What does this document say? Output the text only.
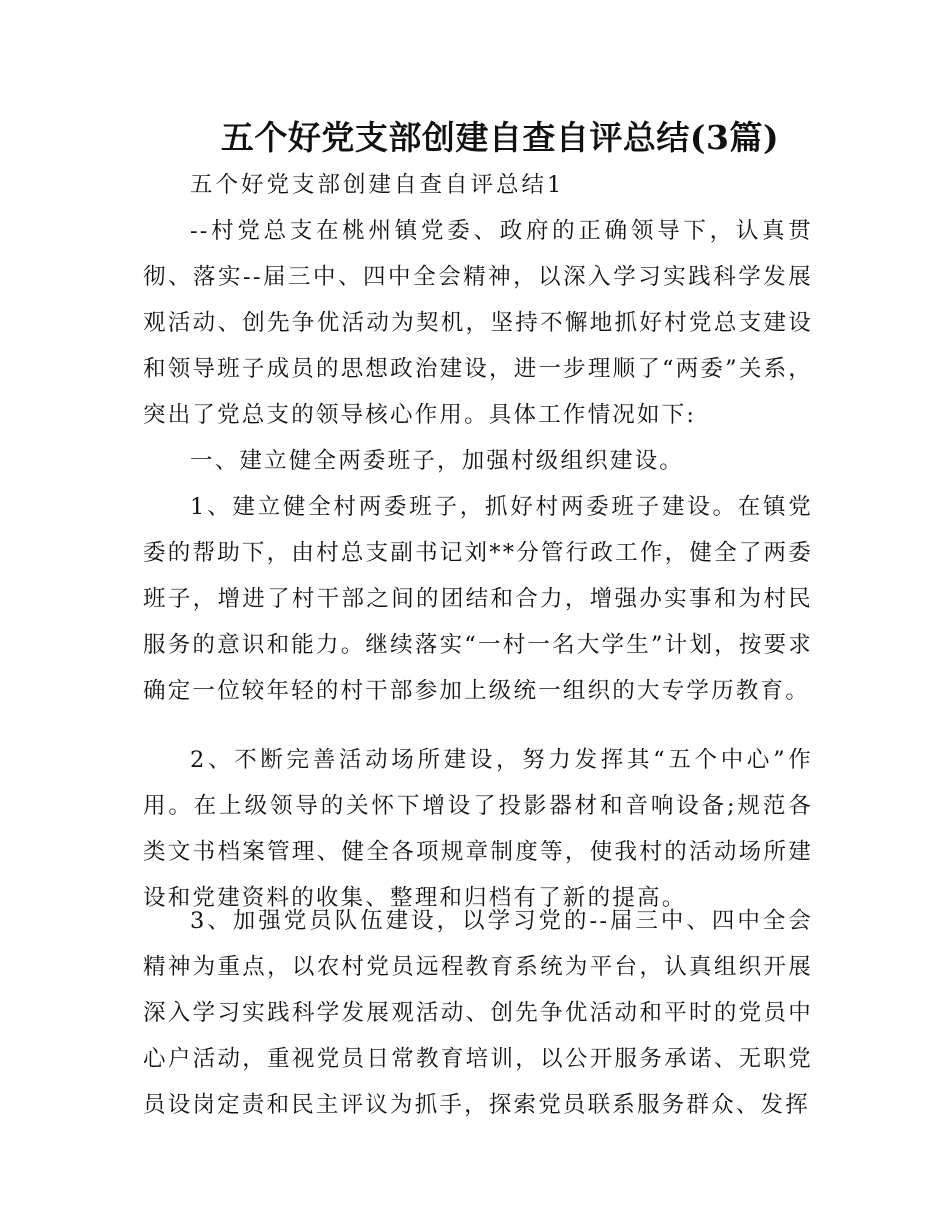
五个好党支部创建自查自评总结(3篇)
五个好党支部创建自查自评总结1

--村党总支在桃州镇党委、政府的正确领导下，认真贯彻、落实--届三中、四中全会精神，以深入学习实践科学发展观活动、创先争优活动为契机，坚持不懈地抓好村党总支建设和领导班子成员的思想政治建设，进一步理顺了“两委”关系，突出了党总支的领导核心作用。具体工作情况如下:

一、建立健全两委班子，加强村级组织建设。

1、建立健全村两委班子，抓好村两委班子建设。在镇党委的帮助下，由村总支副书记刘**分管行政工作，健全了两委班子，增进了村干部之间的团结和合力，增强办实事和为村民服务的意识和能力。继续落实“一村一名大学生”计划，按要求确定一位较年轻的村干部参加上级统一组织的大专学历教育。

2、不断完善活动场所建设，努力发挥其“五个中心”作用。在上级领导的关怀下增设了投影器材和音响设备;规范各类文书档案管理、健全各项规章制度等，使我村的活动场所建设和党建资料的收集、整理和归档有了新的提高。

3、加强党员队伍建设，以学习党的--届三中、四中全会精神为重点，以农村党员远程教育系统为平台，认真组织开展深入学习实践科学发展观活动、创先争优活动和平时的党员中心户活动，重视党员日常教育培训，以公开服务承诺、无职党员设岗定责和民主评议为抓手，探索党员联系服务群众、发挥
